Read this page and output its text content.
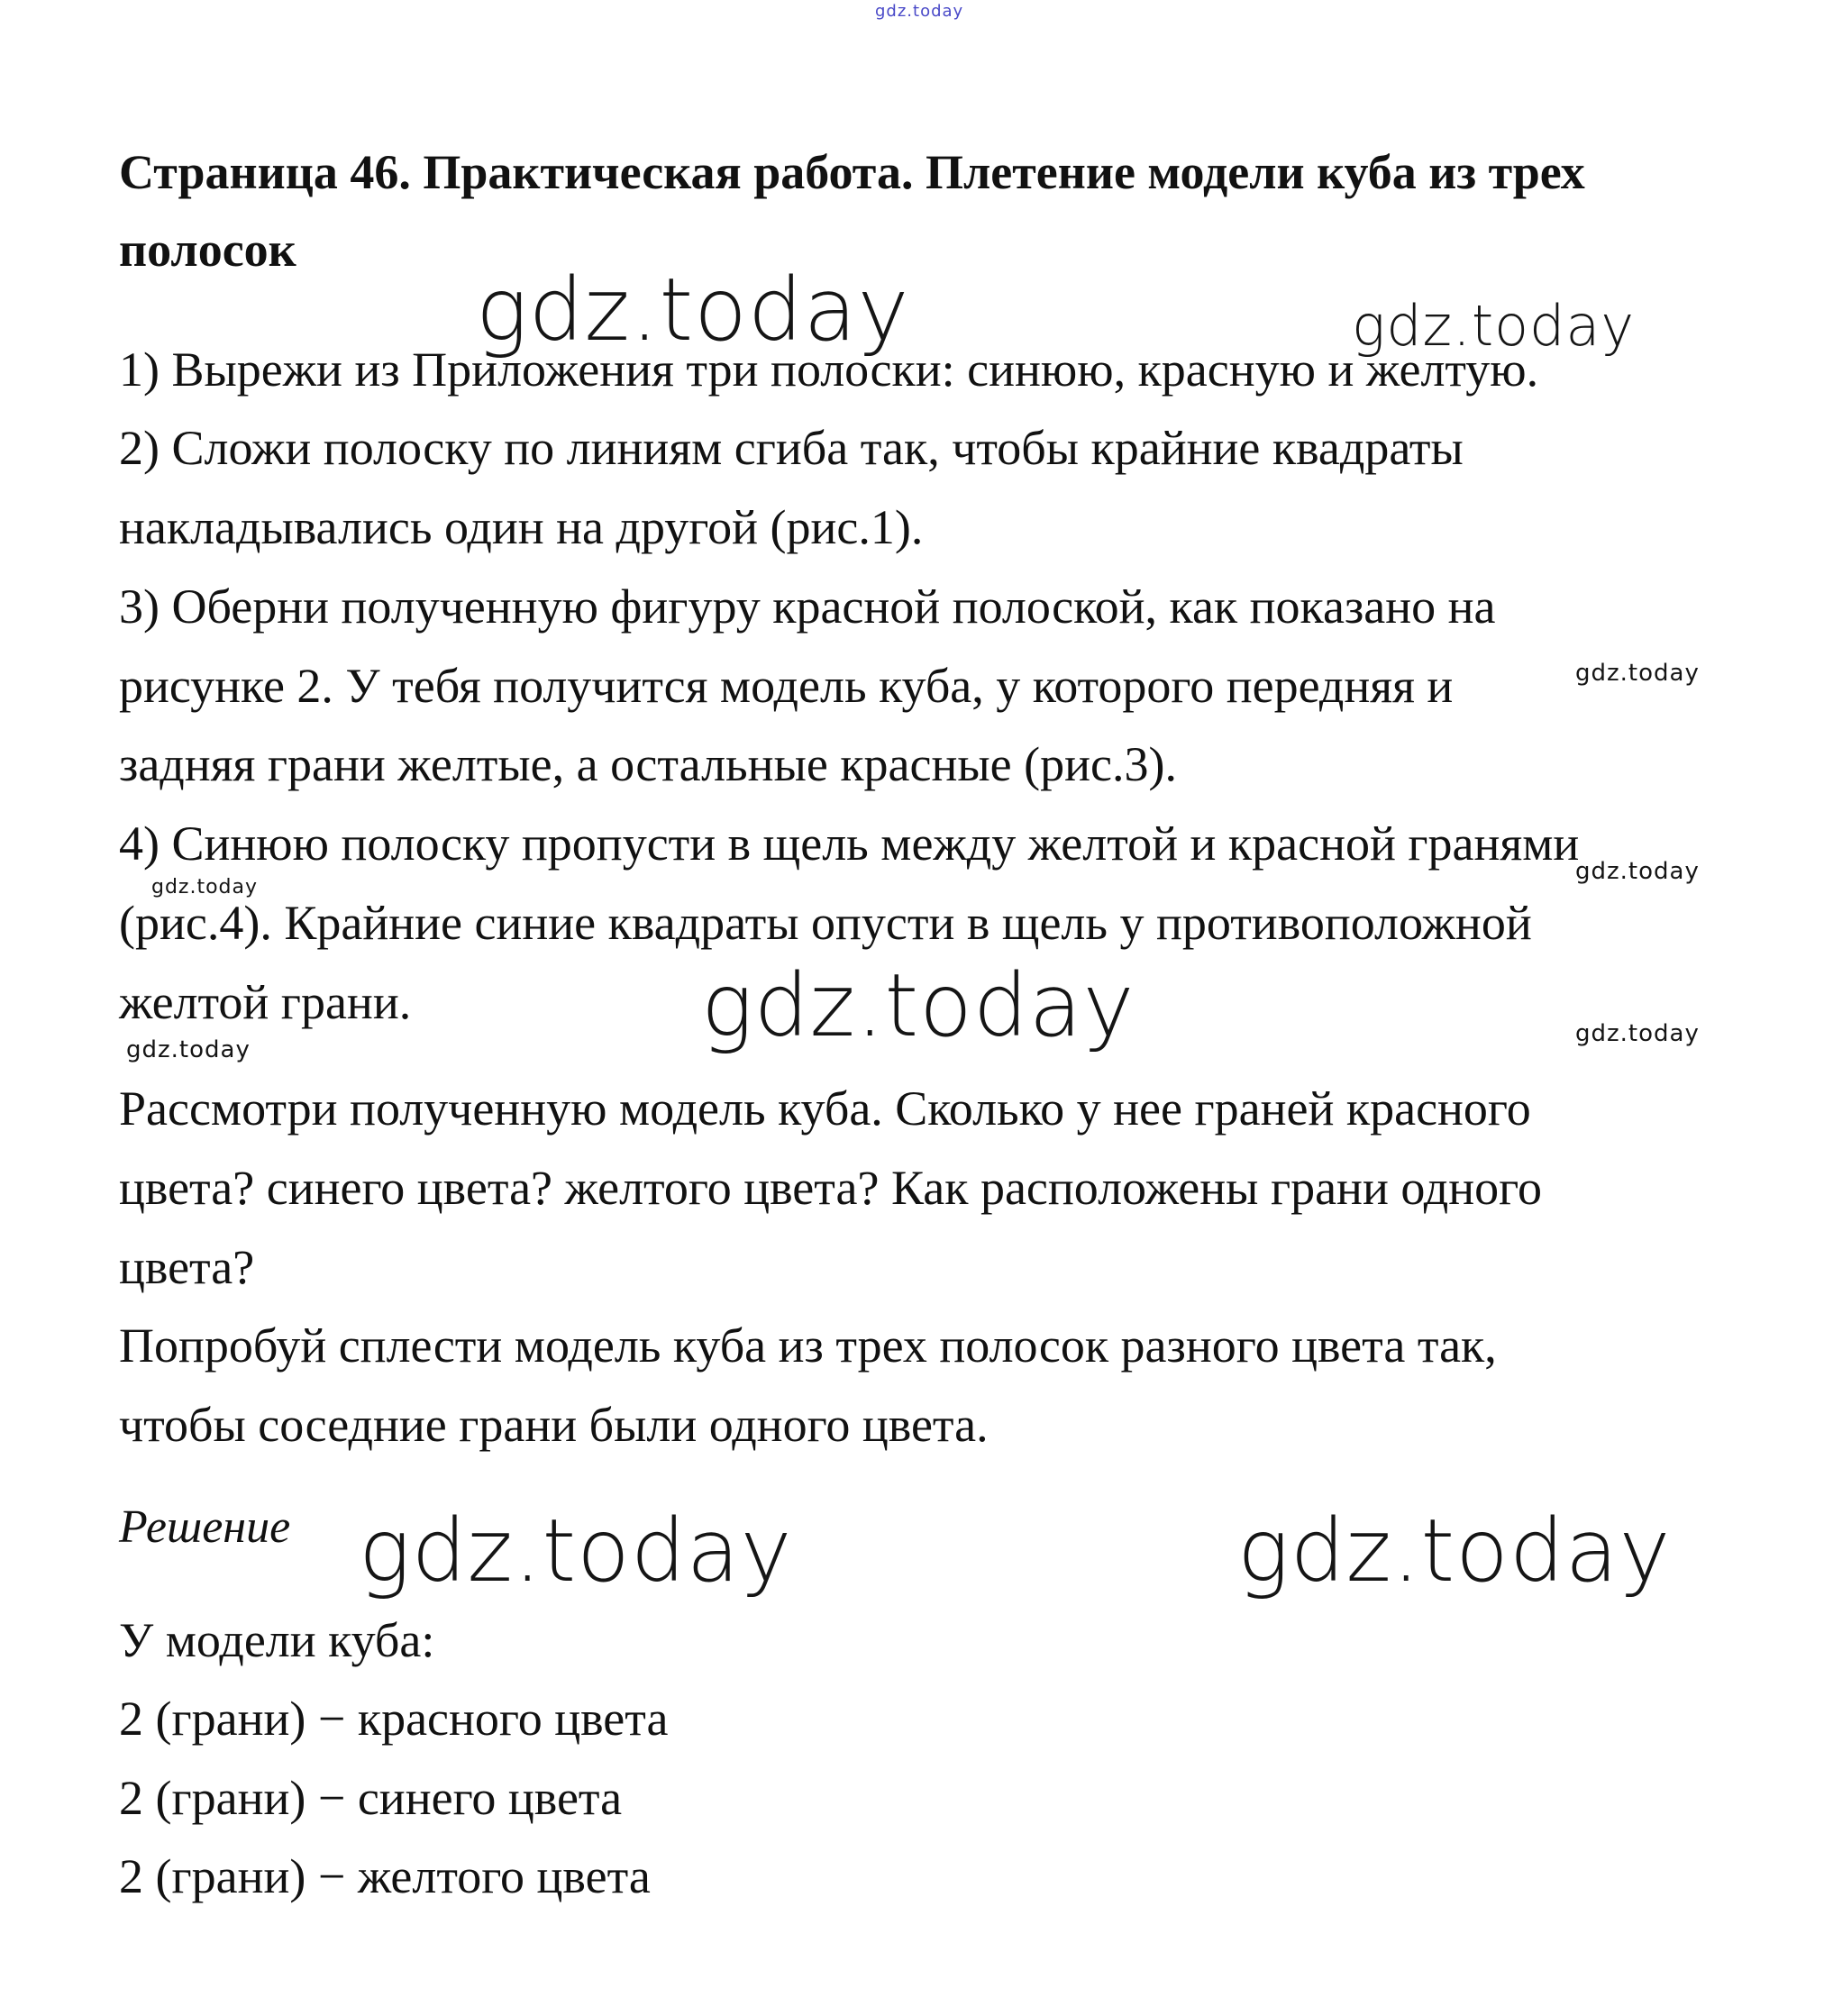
gdz.today
Страница 46. Практическая работа. Плетение модели куба из трех полосок
1) Вырежи из Приложения три полоски: синюю, красную и желтую.
2) Сложи полоску по линиям сгиба так, чтобы крайние квадраты
накладывались один на другой (рис.1).
3) Оберни полученную фигуру красной полоской, как показано на
рисунке 2. У тебя получится модель куба, у которого передняя и
задняя грани желтые, а остальные красные (рис.3).
4) Синюю полоску пропусти в щель между желтой и красной гранями
(рис.4). Крайние синие квадраты опусти в щель у противоположной
желтой грани.
Рассмотри полученную модель куба. Сколько у нее граней красного
цвета? синего цвета? желтого цвета? Как расположены грани одного
цвета?
Попробуй сплести модель куба из трех полосок разного цвета так,
чтобы соседние грани были одного цвета.
Решение
У модели куба:
2 (грани) − красного цвета
2 (грани) − синего цвета
2 (грани) − желтого цвета
gdz.today	gdz.today
gdz.today
gdz.today
gdz.today
gdz.today
gdz.today
gdz.today
gdz.today	gdz.today
